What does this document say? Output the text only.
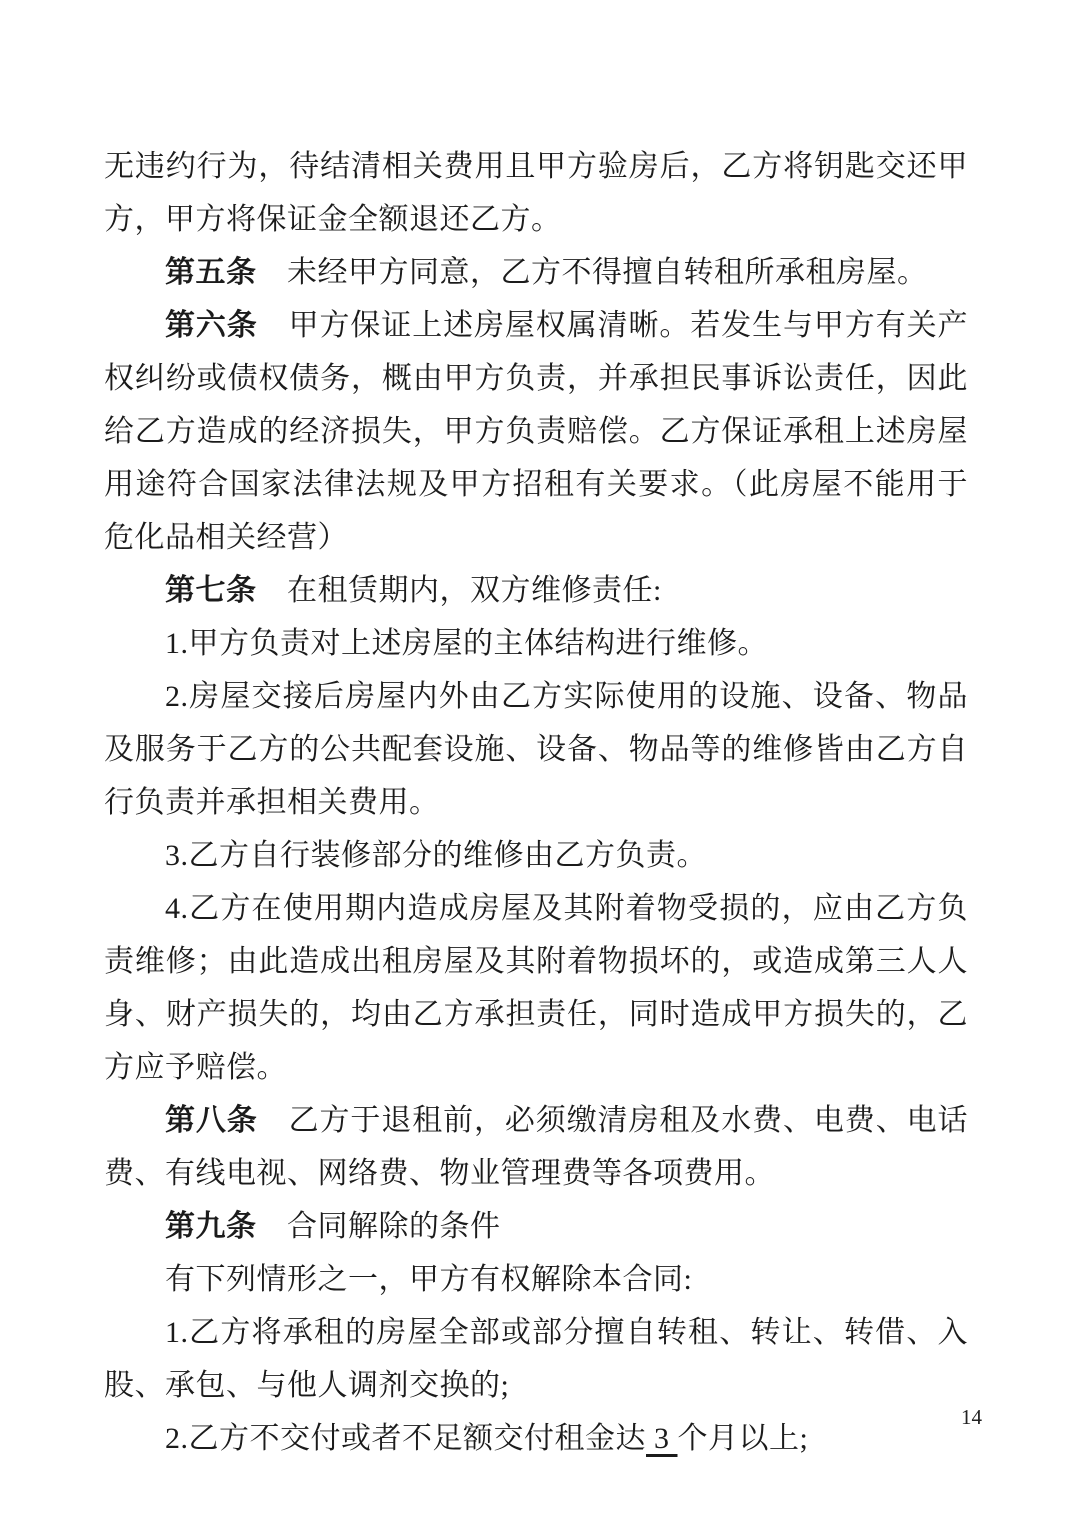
无违约行为，待结清相关费用且甲方验房后，乙方将钥匙交还甲方，甲方将保证金全额退还乙方。

第五条　未经甲方同意，乙方不得擅自转租所承租房屋。

第六条　甲方保证上述房屋权属清晰。若发生与甲方有关产权纠纷或债权债务，概由甲方负责，并承担民事诉讼责任，因此给乙方造成的经济损失，甲方负责赔偿。乙方保证承租上述房屋用途符合国家法律法规及甲方招租有关要求。（此房屋不能用于危化品相关经营）

第七条　在租赁期内，双方维修责任:

1.甲方负责对上述房屋的主体结构进行维修。

2.房屋交接后房屋内外由乙方实际使用的设施、设备、物品及服务于乙方的公共配套设施、设备、物品等的维修皆由乙方自行负责并承担相关费用。

3.乙方自行装修部分的维修由乙方负责。

4.乙方在使用期内造成房屋及其附着物受损的，应由乙方负责维修；由此造成出租房屋及其附着物损坏的，或造成第三人人身、财产损失的，均由乙方承担责任，同时造成甲方损失的，乙方应予赔偿。

第八条　乙方于退租前，必须缴清房租及水费、电费、电话费、有线电视、网络费、物业管理费等各项费用。

第九条　合同解除的条件

有下列情形之一，甲方有权解除本合同:

1.乙方将承租的房屋全部或部分擅自转租、转让、转借、入股、承包、与他人调剂交换的;

2.乙方不交付或者不足额交付租金达 3 个月以上;

14
